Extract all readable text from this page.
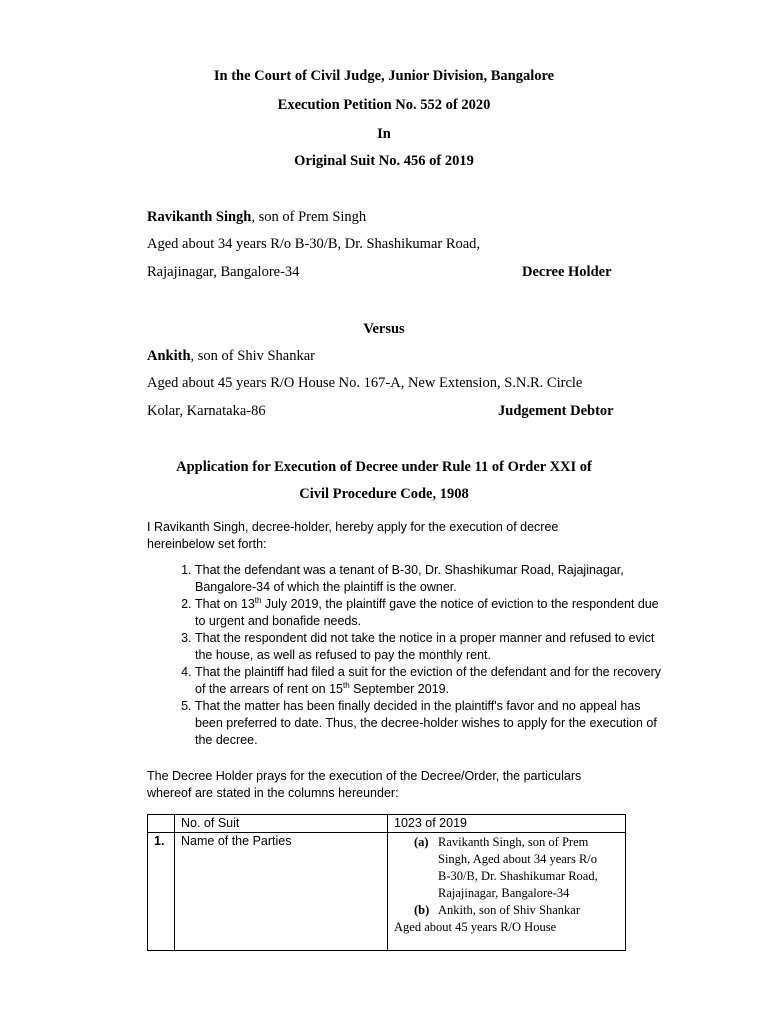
In the Court of Civil Judge, Junior Division, Bangalore
Execution Petition No. 552 of 2020
In
Original Suit No. 456 of 2019
Ravikanth Singh, son of Prem Singh
Aged about 34 years R/o B-30/B, Dr. Shashikumar Road,
Rajajinagar, Bangalore-34	Decree Holder
Versus
Ankith, son of Shiv Shankar
Aged about 45 years R/O House No. 167-A, New Extension, S.N.R. Circle
Kolar, Karnataka-86	Judgement Debtor
Application for Execution of Decree under Rule 11 of Order XXI of
Civil Procedure Code, 1908
I Ravikanth Singh, decree-holder, hereby apply for the execution of decree hereinbelow set forth:
1. That the defendant was a tenant of B-30, Dr. Shashikumar Road, Rajajinagar, Bangalore-34 of which the plaintiff is the owner.
2. That on 13th July 2019, the plaintiff gave the notice of eviction to the respondent due to urgent and bonafide needs.
3. That the respondent did not take the notice in a proper manner and refused to evict the house, as well as refused to pay the monthly rent.
4. That the plaintiff had filed a suit for the eviction of the defendant and for the recovery of the arrears of rent on 15th September 2019.
5. That the matter has been finally decided in the plaintiff's favor and no appeal has been preferred to date. Thus, the decree-holder wishes to apply for the execution of the decree.
The Decree Holder prays for the execution of the Decree/Order, the particulars whereof are stated in the columns hereunder:
	No. of Suit	1023 of 2019
1.	Name of the Parties	(a) Ravikanth Singh, son of Prem Singh, Aged about 34 years R/o B-30/B, Dr. Shashikumar Road, Rajajinagar, Bangalore-34
(b) Ankith, son of Shiv Shankar
Aged about 45 years R/O House
